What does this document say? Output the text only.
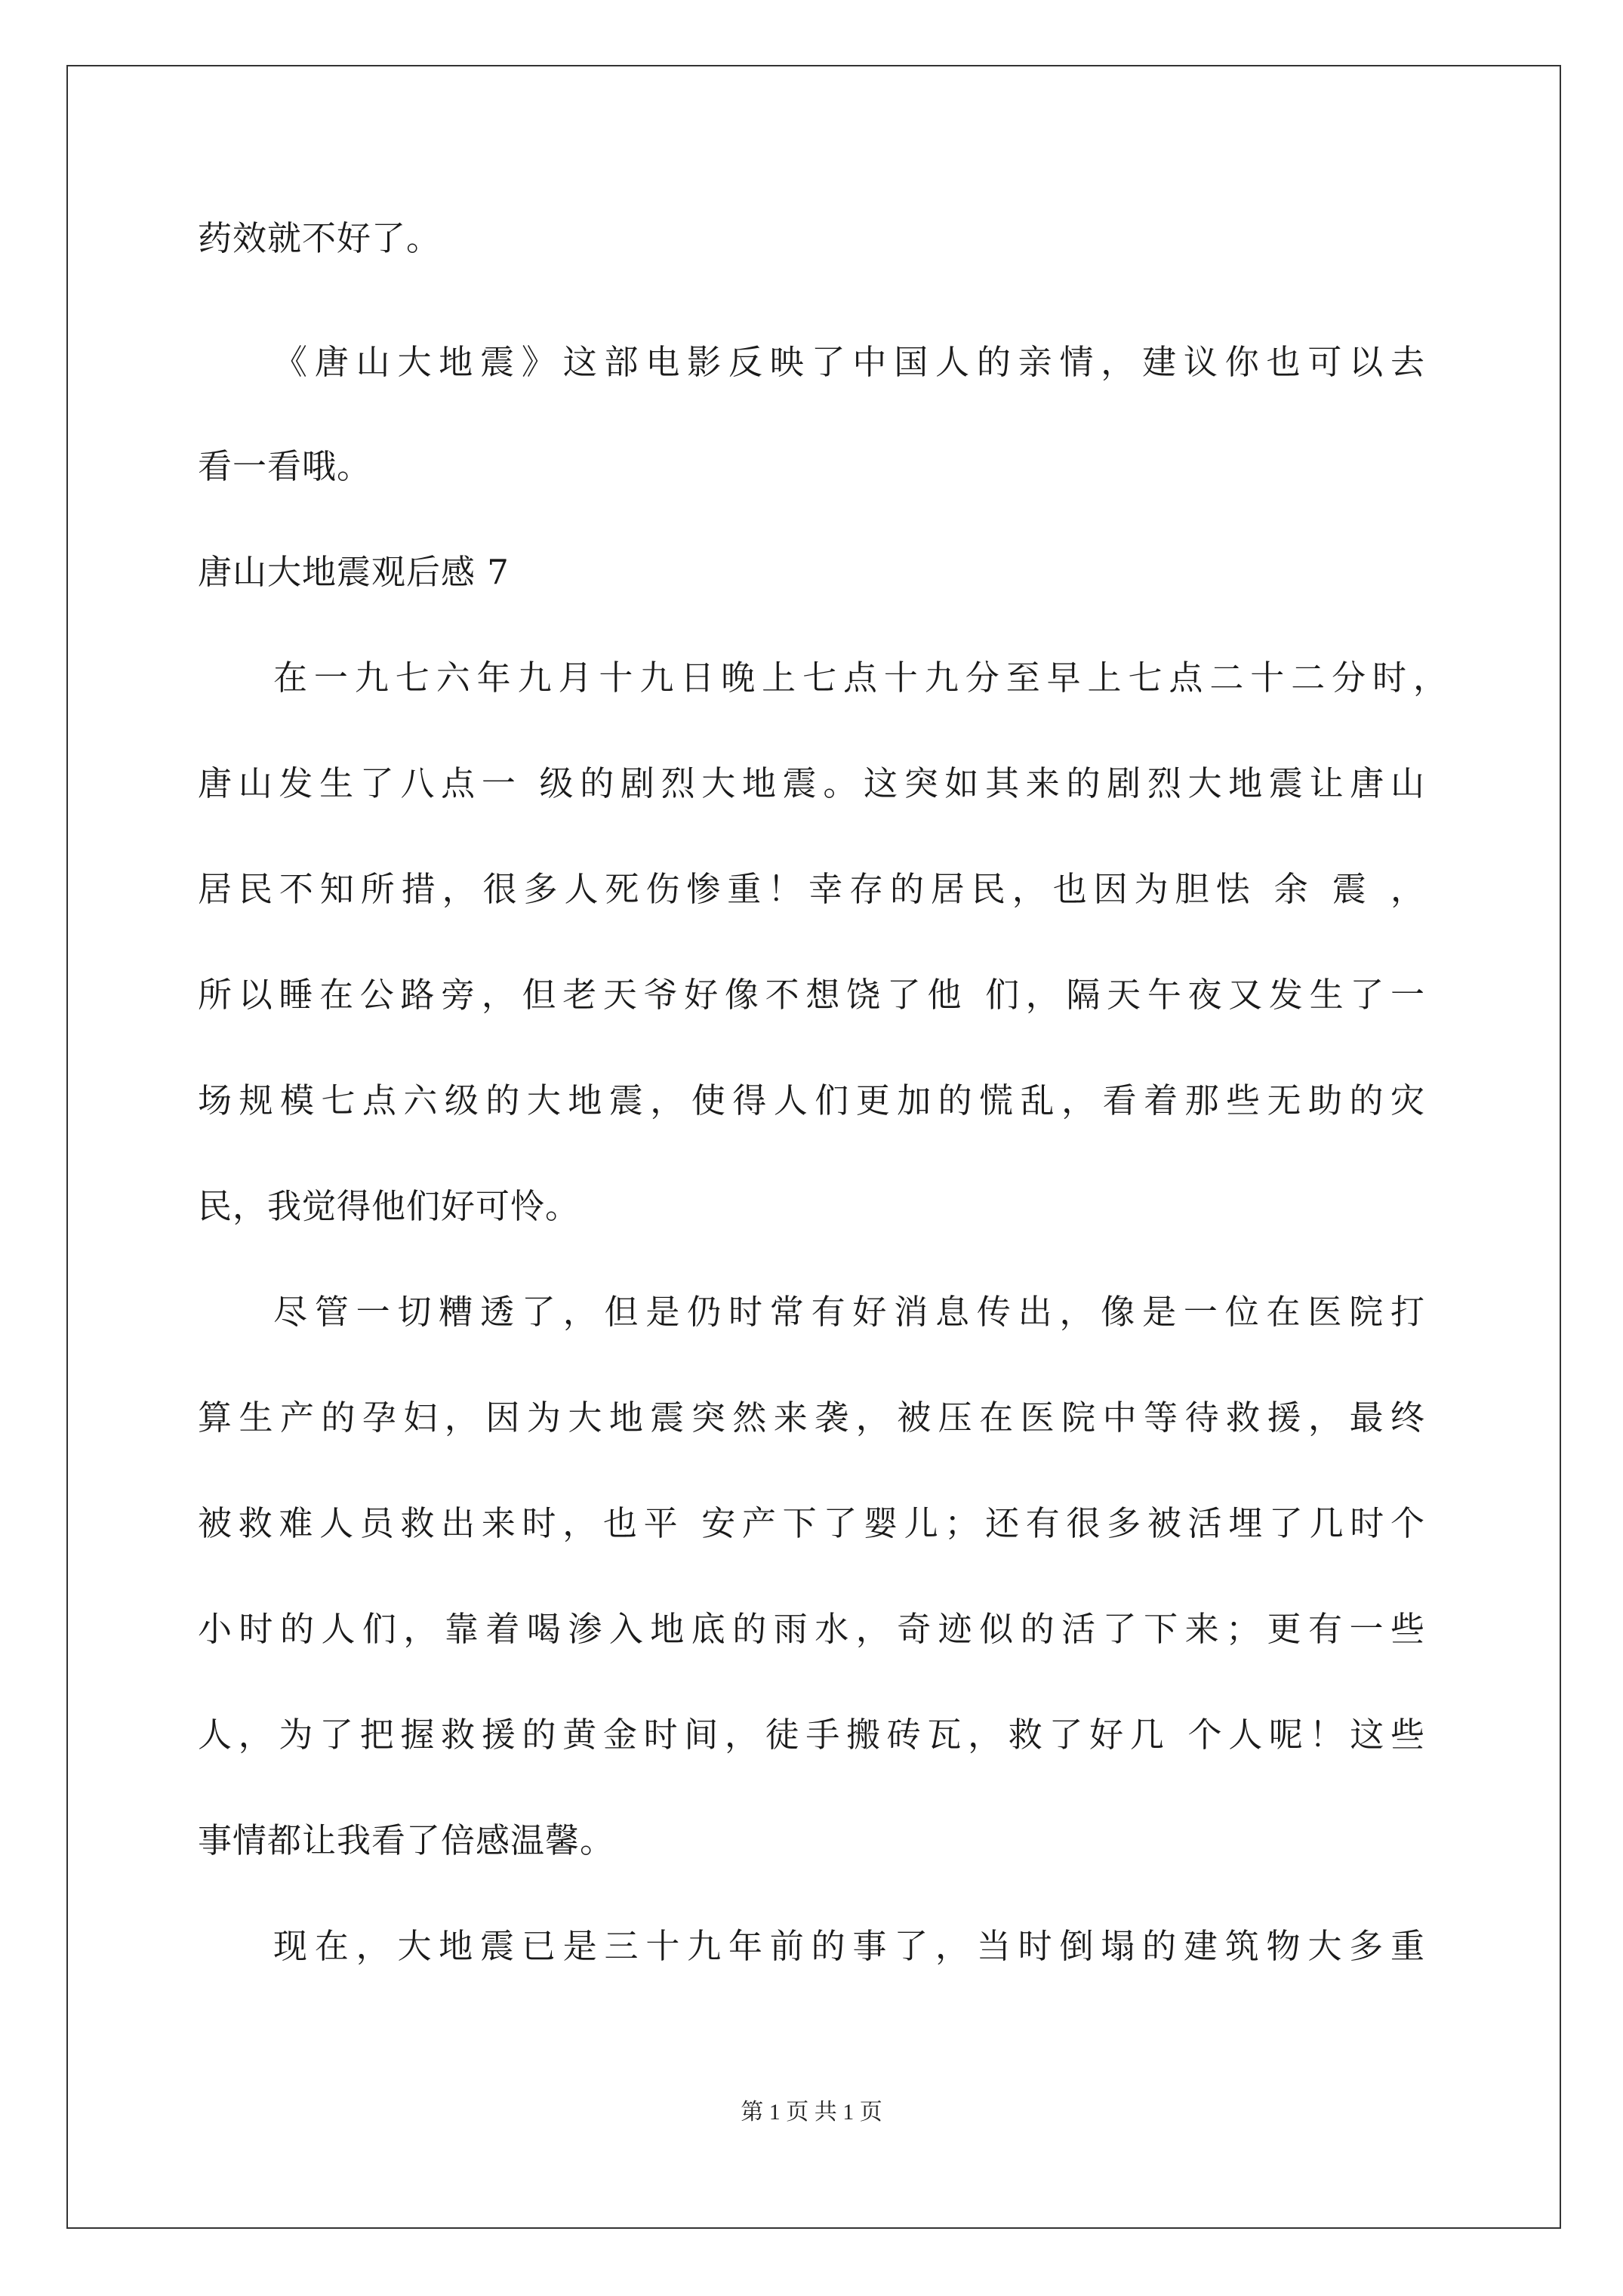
药效就不好了。
《唐山大地震》这部电影反映了中国人的亲情，建议你也可以去
看一看哦。
唐山大地震观后感 7
在一九七六年九月十九日晚上七点十九分至早上七点二十二分时，
唐山发生了八点一 级的剧烈大地震。这突如其来的剧烈大地震让唐山
居民不知所措，很多人死伤惨重！幸存的居民，也因为胆怯 余 震 ，
所以睡在公路旁，但老天爷好像不想饶了他 们，隔天午夜又发生了一
场规模七点六级的大地震，使得人们更加的慌乱，看着那些无助的灾
民，我觉得他们好可怜。
尽管一切糟透了，但是仍时常有好消息传出，像是一位在医院打
算生产的孕妇，因为大地震突然来袭，被压在医院中等待救援，最终
被救难人员救出来时，也平 安产下了婴儿；还有很多被活埋了几时个
小时的人们，靠着喝渗入地底的雨水，奇迹似的活了下来；更有一些
人，为了把握救援的黄金时间，徒手搬砖瓦，救了好几 个人呢！这些
事情都让我看了倍感温馨。
现在，大地震已是三十九年前的事了，当时倒塌的建筑物大多重
第 1 页 共 1 页
